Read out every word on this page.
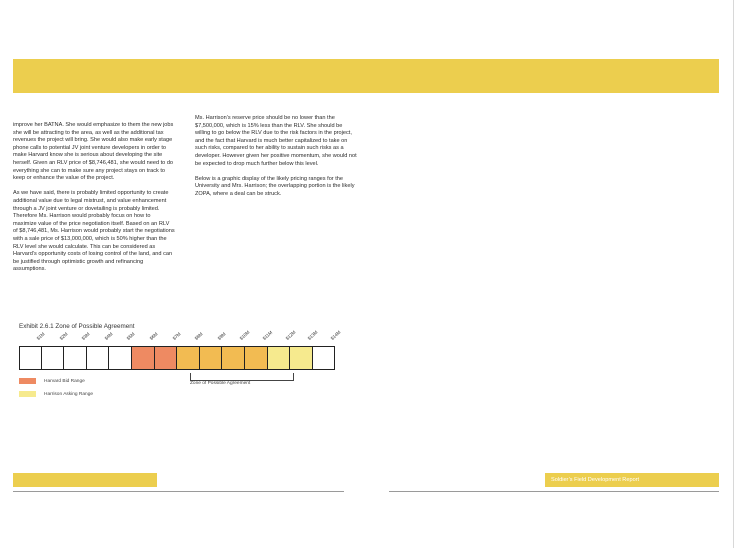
improve her BATNA. She would emphasize to them the new jobs she will be attracting to the area, as well as the additional tax revenues the project will bring. She would also make early stage phone calls to potential JV joint venture developers in order to make Harvard know she is serious about developing the site herself. Given an RLV price of $8,746,481, she would need to do everything she can to make sure any project stays on track to keep or enhance the value of the project.

As we have said, there is probably limited opportunity to create additional value due to legal mistrust, and value enhancement through a JV joint venture or dovetailing is probably limited. Therefore Ms. Harrison would probably focus on how to maximize value of the price negotiation itself. Based on an RLV of $8,746,481, Ms. Harrison would probably start the negotiations with a sale price of $13,000,000, which is 50% higher than the RLV level she would calculate. This can be considered as Harvard’s opportunity costs of losing control of the land, and can be justified through optimistic growth and refinancing assumptions.

Ms. Harrison’s reserve price should be no lower than the $7,500,000, which is 15% less than the RLV. She should be willing to go below the RLV due to the risk factors in the project, and the fact that Harvard is much better capitalized to take on such risks, compared to her ability to sustain such risks as a developer. However given her positive momentum, she would not be expected to drop much further below this level.

Below is a graphic display of the likely pricing ranges for the University and Mrs. Harrison; the overlapping portion is the likely ZOPA, where a deal can be struck.

Exhibit 2.6.1 Zone of Possible Agreement
$1M	$2M	$3M	$4M	$5M	$6M	$7M	$8M	$9M	$10M $11M $12M $13M $14M
Harvard Bid Range
Harrison Asking Range
Zone of Possible Agreement
Soldier’s Field Development Report
